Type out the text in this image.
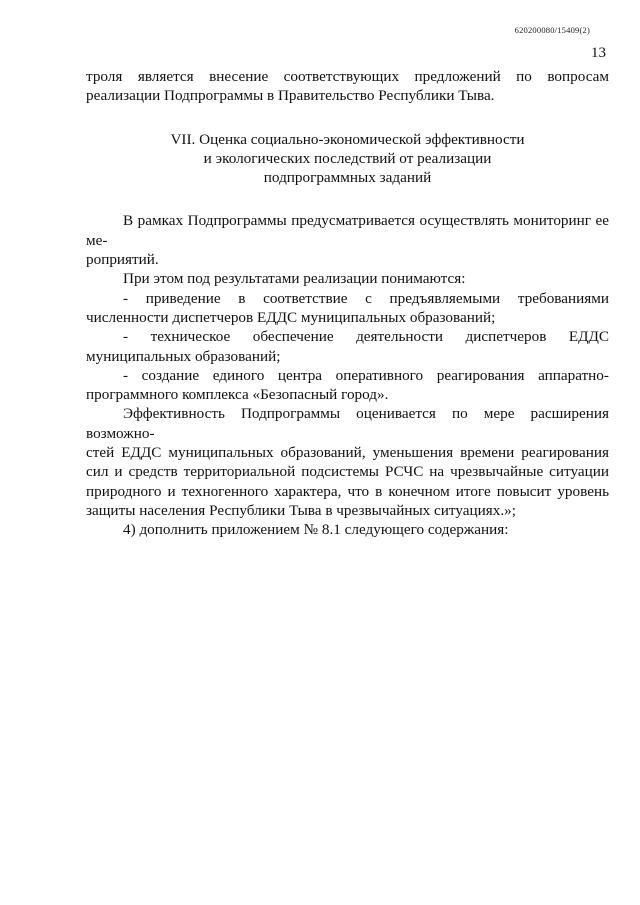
620200080/15409(2)
13

троля является внесение соответствующих предложений по вопросам реализации Подпрограммы в Правительство Республики Тыва.

VII. Оценка социально-экономической эффективности
и экологических последствий от реализации
подпрограммных заданий

В рамках Подпрограммы предусматривается осуществлять мониторинг ее ме-

роприятий.

При этом под результатами реализации понимаются:

- приведение в соответствие с предъявляемыми требованиями численности диспетчеров ЕДДС муниципальных образований;

- техническое обеспечение деятельности диспетчеров ЕДДС муниципальных образований;

- создание единого центра оперативного реагирования аппаратно-

программного комплекса «Безопасный город».

Эффективность Подпрограммы оценивается по мере расширения возможно-

стей ЕДДС муниципальных образований, уменьшения времени реагирования сил и средств территориальной подсистемы РСЧС на чрезвычайные ситуации природного и техногенного характера, что в конечном итоге повысит уровень защиты населения Республики Тыва в чрезвычайных ситуациях.»;

4) дополнить приложением № 8.1 следующего содержания:
